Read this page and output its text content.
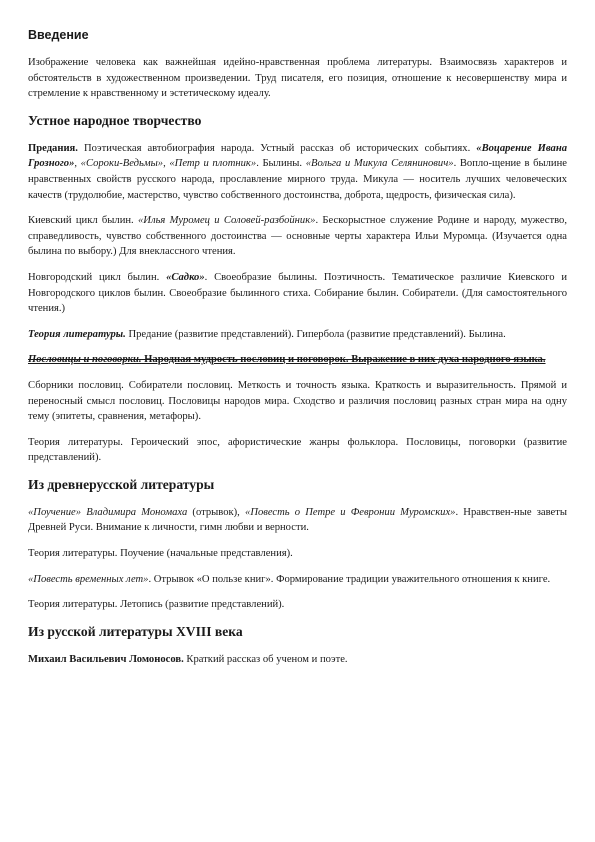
Введение

Изображение человека как важнейшая идейно-нравственная проблема литературы. Взаимосвязь характеров и обстоятельств в художественном произведении. Труд писателя, его позиция, отношение к несовершенству мира и стремление к нравственному и эстетическому идеалу.

Устное народное творчество

Предания. Поэтическая автобиография народа. Устный рассказ об исторических событиях. «Воцарение Ивана Грозного», «Сороки-Ведьмы», «Петр и плотник». Былины. «Вольга и Микула Селянинович». Вопло-щение в былине нравственных свойств русского народа, прославление мирного труда. Микула — носитель лучших человеческих качеств (трудолюбие, мастерство, чувство собственного достоинства, доброта, щедрость, физическая сила).

Киевский цикл былин. «Илья Муромец и Соловей-разбойник». Бескорыстное служение Родине и народу, мужество, справедливость, чувство собственного достоинства — основные черты характера Ильи Муромца. (Изучается одна былина по выбору.) Для внеклассного чтения.

Новгородский цикл былин. «Садко». Своеобразие былины. Поэтичность. Тематическое различие Киевского и Новгородского циклов былин. Своеобразие былинного стиха. Собирание былин. Собиратели. (Для самостоятельного чтения.)

Теория литературы. Предание (развитие представлений). Гипербола (развитие представлений). Былина.

Пословицы и поговорки. Народная мудрость пословиц и поговорок. Выражение в них духа народного языка.

Сборники пословиц. Собиратели пословиц. Меткость и точность языка. Краткость и выразительность. Прямой и переносный смысл пословиц. Пословицы народов мира. Сходство и различия пословиц разных стран мира на одну тему (эпитеты, сравнения, метафоры).

Теория литературы. Героический эпос, афористические жанры фольклора. Пословицы, поговорки (развитие представлений).

Из древнерусской литературы

«Поучение» Владимира Мономаха (отрывок), «Повесть о Петре и Февронии Муромских». Нравствен-ные заветы Древней Руси. Внимание к личности, гимн любви и верности.

Теория литературы. Поучение (начальные представления).

«Повесть временных лет». Отрывок «О пользе книг». Формирование традиции уважительного отношения к книге.

Теория литературы. Летопись (развитие представлений).

Из русской литературы XVIII века

Михаил Васильевич Ломоносов. Краткий рассказ об ученом и поэте.
